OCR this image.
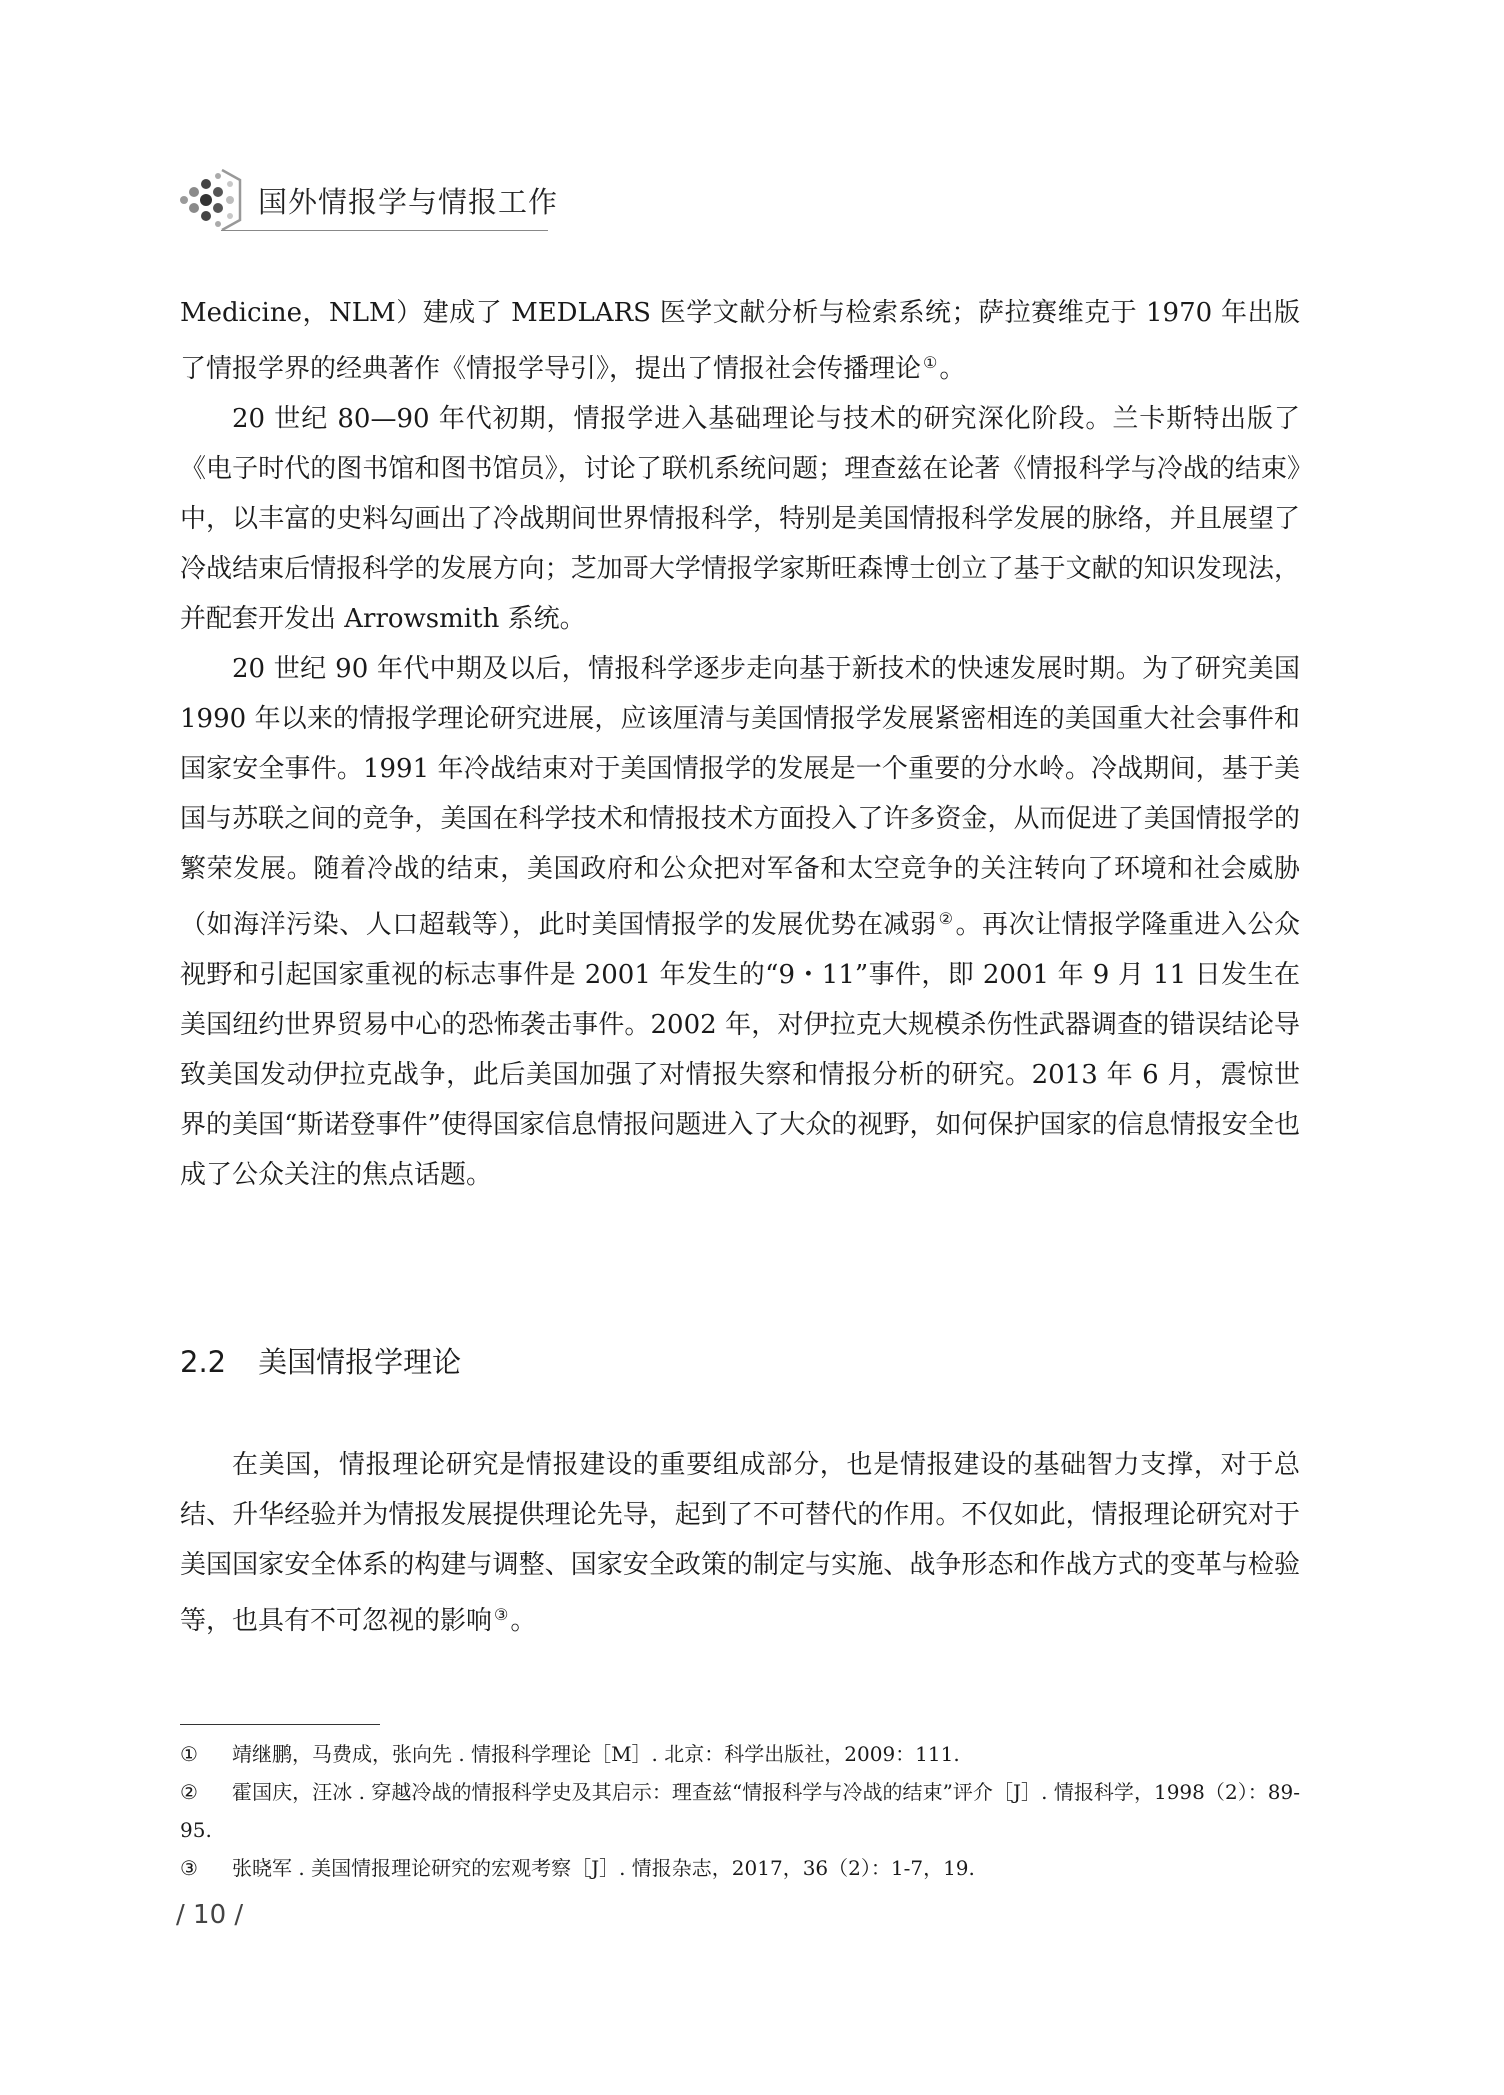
国外情报学与情报工作

Medicine，NLM）建成了 MEDLARS 医学文献分析与检索系统；萨拉赛维克于 1970 年出版了情报学界的经典著作《情报学导引》，提出了情报社会传播理论 ①。

20 世纪 80—90 年代初期，情报学进入基础理论与技术的研究深化阶段。兰卡斯特出版了《电子时代的图书馆和图书馆员》，讨论了联机系统问题；理查兹在论著《情报科学与冷战的结束》中，以丰富的史料勾画出了冷战期间世界情报科学，特别是美国情报科学发展的脉络，并且展望了冷战结束后情报科学的发展方向；芝加哥大学情报学家斯旺森博士创立了基于文献的知识发现法，并配套开发出 Arrowsmith 系统。

20 世纪 90 年代中期及以后，情报科学逐步走向基于新技术的快速发展时期。为了研究美国 1990 年以来的情报学理论研究进展，应该厘清与美国情报学发展紧密相连的美国重大社会事件和国家安全事件。1991 年冷战结束对于美国情报学的发展是一个重要的分水岭。冷战期间，基于美国与苏联之间的竞争，美国在科学技术和情报技术方面投入了许多资金，从而促进了美国情报学的繁荣发展。随着冷战的结束，美国政府和公众把对军备和太空竞争的关注转向了环境和社会威胁（如海洋污染、人口超载等），此时美国情报学的发展优势在减弱 ②。再次让情报学隆重进入公众视野和引起国家重视的标志事件是 2001 年发生的“9・11”事件，即 2001 年 9 月 11 日发生在美国纽约世界贸易中心的恐怖袭击事件。2002 年，对伊拉克大规模杀伤性武器调查的错误结论导致美国发动伊拉克战争，此后美国加强了对情报失察和情报分析的研究。2013 年 6 月，震惊世界的美国“斯诺登事件”使得国家信息情报问题进入了大众的视野，如何保护国家的信息情报安全也成了公众关注的焦点话题。

2.2 美国情报学理论

在美国，情报理论研究是情报建设的重要组成部分，也是情报建设的基础智力支撑，对于总结、升华经验并为情报发展提供理论先导，起到了不可替代的作用。不仅如此，情报理论研究对于美国国家安全体系的构建与调整、国家安全政策的制定与实施、战争形态和作战方式的变革与检验等，也具有不可忽视的影响 ③。

① 靖继鹏，马费成，张向先 . 情报科学理论［M］. 北京：科学出版社，2009：111.

② 霍国庆，汪冰 . 穿越冷战的情报科学史及其启示：理查兹“情报科学与冷战的结束”评介［J］. 情报科学，1998（2）：89-95.

③ 张晓军 . 美国情报理论研究的宏观考察［J］. 情报杂志，2017，36（2）：1-7，19.

/ 10 /
